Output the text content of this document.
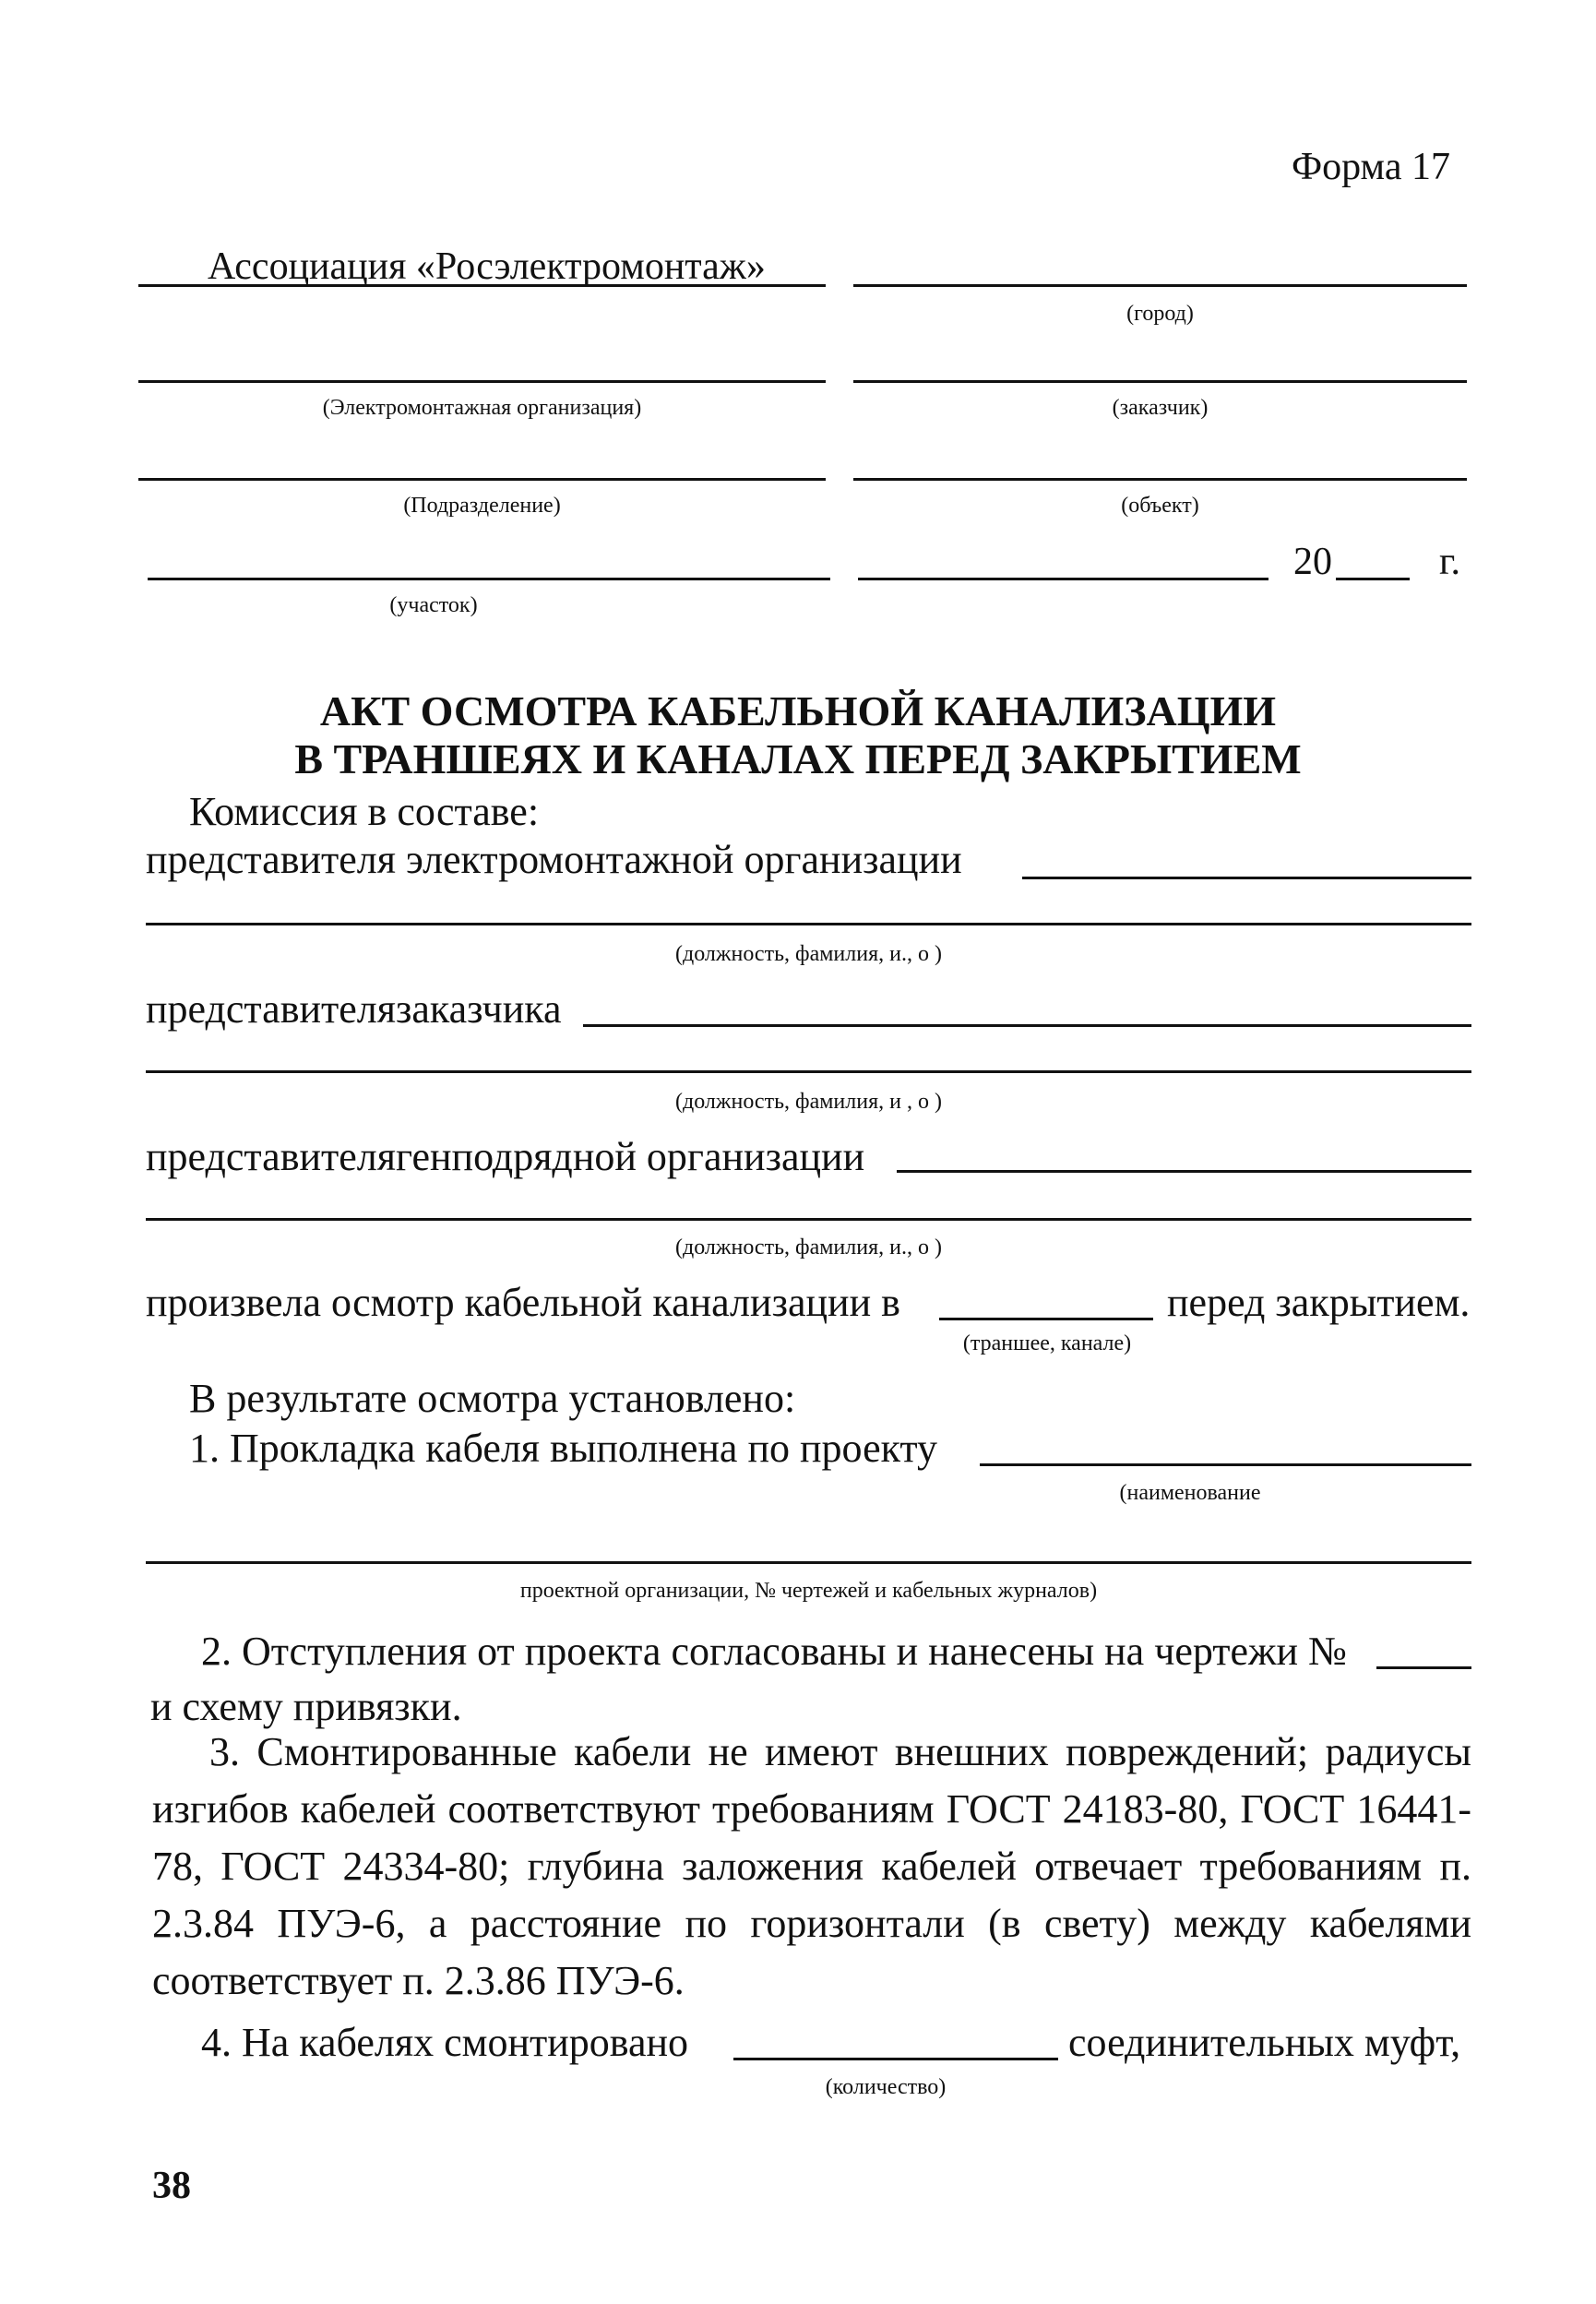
Форма 17
Ассоциация «Росэлектромонтаж»
(город)
(Электромонтажная организация)	(заказчик)
(Подразделение)	(объект)
20	г.
(участок)
АКТ ОСМОТРА КАБЕЛЬНОЙ КАНАЛИЗАЦИИ
В ТРАНШЕЯХ И КАНАЛАХ ПЕРЕД ЗАКРЫТИЕМ
Комиссия в составе:
представителя электромонтажной организации
(должность, фамилия, и., о )
представителязаказчика
(должность, фамилия, и , о )
представителягенподрядной организации
(должность, фамилия, и., о )
произвела осмотр кабельной канализации в	перед закрытием.
(траншее, канале)
В результате осмотра установлено:
1. Прокладка кабеля выполнена по проекту
(наименование
проектной организации, № чертежей и кабельных журналов)
2. Отступления от проекта согласованы и нанесены на чертежи №
и схему привязки.
3. Смонтированные кабели не имеют внешних повреждений; радиусы изгибов кабелей соответствуют требованиям ГОСТ 24183-80, ГОСТ 16441-78, ГОСТ 24334-80; глубина заложения кабелей отвечает требованиям п. 2.3.84 ПУЭ-6, а расстояние по горизонтали (в свету) между кабелями соответствует п. 2.3.86 ПУЭ-6.
4. На кабелях смонтировано	соединительных муфт,
(количество)
38
